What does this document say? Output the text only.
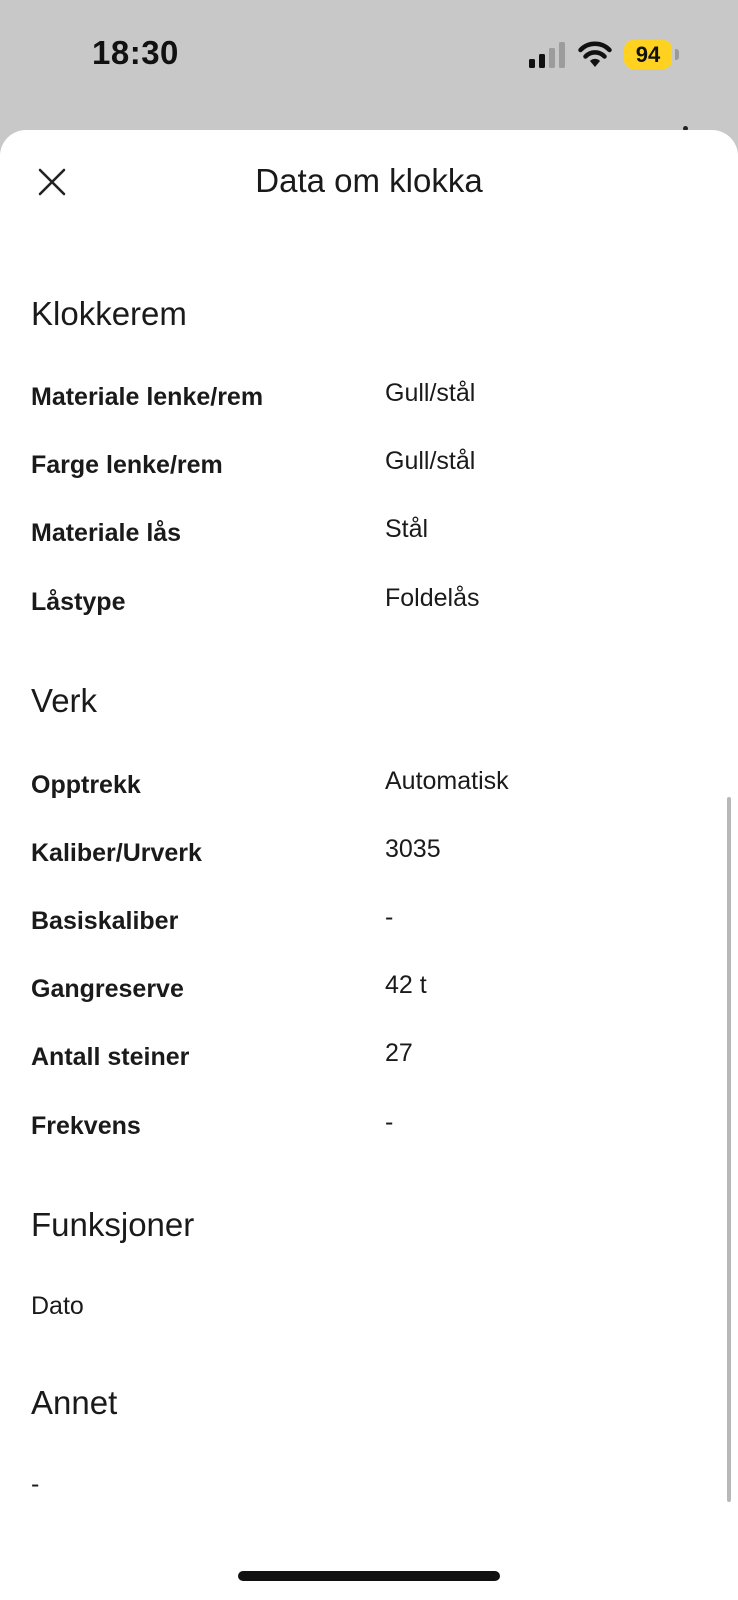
18:30	94
Data om klokka
Klokkerem
Materiale lenke/rem	Gull/stål
Farge lenke/rem	Gull/stål
Materiale lås	Stål
Låstype	Foldelås
Verk
Opptrekk	Automatisk
Kaliber/Urverk	3035
Basiskaliber	-
Gangreserve	42 t
Antall steiner	27
Frekvens	-
Funksjoner
Dato
Annet
-
